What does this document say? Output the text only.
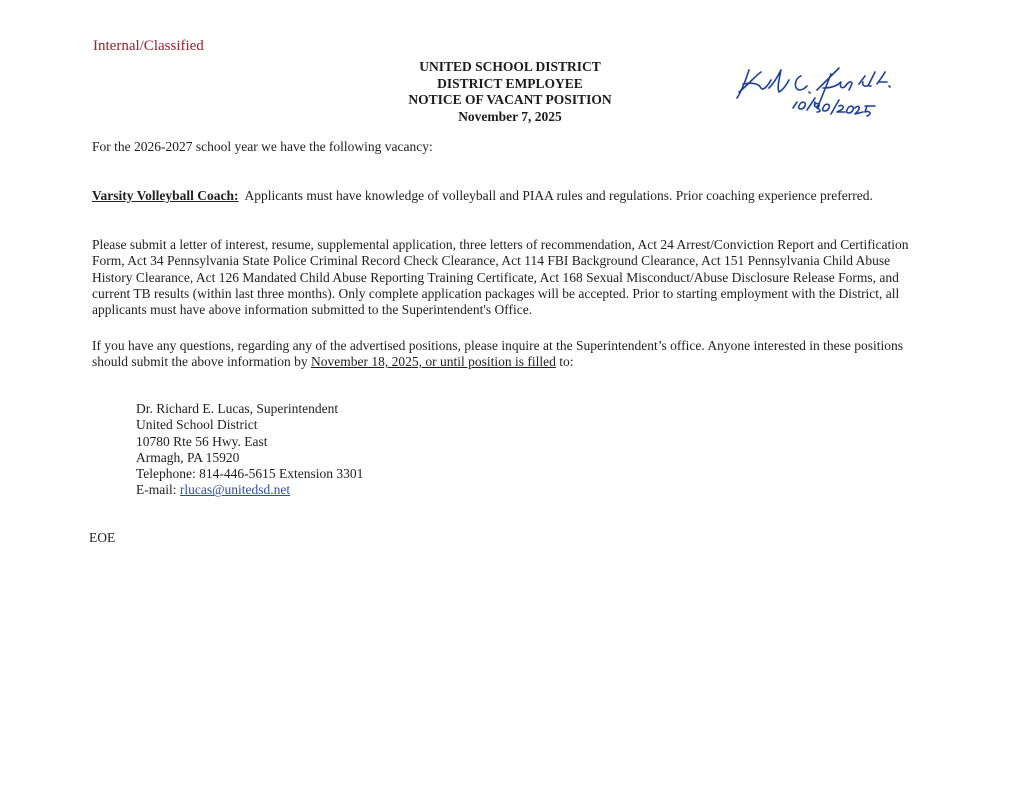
Internal/Classified
UNITED SCHOOL DISTRICT
DISTRICT EMPLOYEE
NOTICE OF VACANT POSITION
November 7, 2025
For the 2026-2027 school year we have the following vacancy:
Varsity Volleyball Coach: Applicants must have knowledge of volleyball and PIAA rules and regulations. Prior coaching experience preferred.
Please submit a letter of interest, resume, supplemental application, three letters of recommendation, Act 24 Arrest/Conviction Report and Certification Form, Act 34 Pennsylvania State Police Criminal Record Check Clearance, Act 114 FBI Background Clearance, Act 151 Pennsylvania Child Abuse History Clearance, Act 126 Mandated Child Abuse Reporting Training Certificate, Act 168 Sexual Misconduct/Abuse Disclosure Release Forms, and current TB results (within last three months). Only complete application packages will be accepted. Prior to starting employment with the District, all applicants must have above information submitted to the Superintendent's Office.
If you have any questions, regarding any of the advertised positions, please inquire at the Superintendent’s office. Anyone interested in these positions should submit the above information by November 18, 2025, or until position is filled to:
Dr. Richard E. Lucas, Superintendent
United School District
10780 Rte 56 Hwy. East
Armagh, PA 15920
Telephone: 814-446-5615 Extension 3301
E-mail: rlucas@unitedsd.net
EOE
